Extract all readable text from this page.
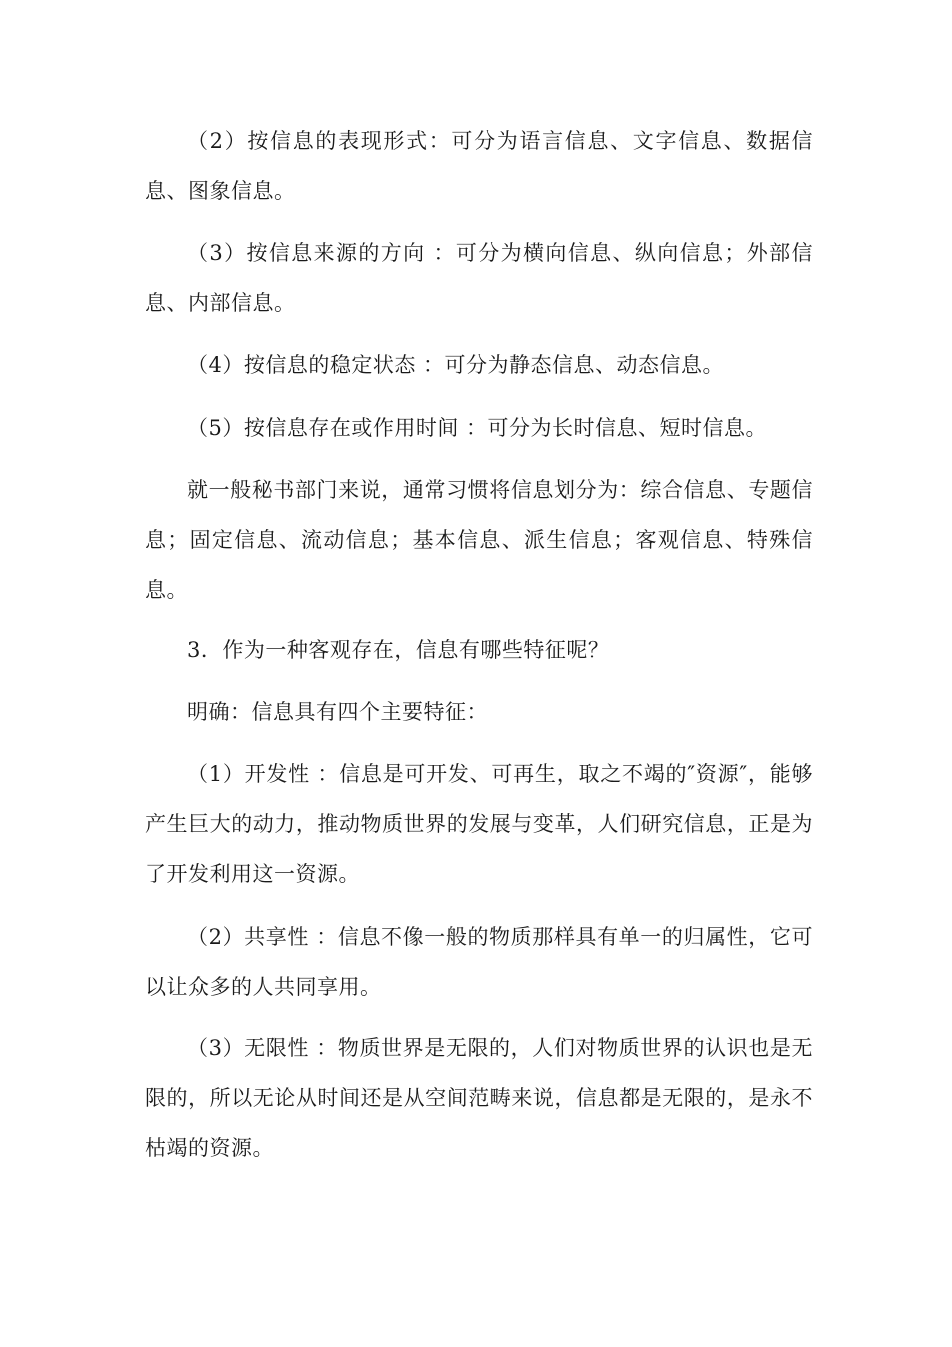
（2）按信息的表现形式：可分为语言信息、文字信息、数据信息、图象信息。

（3）按信息来源的方向 ：可分为横向信息、纵向信息；外部信息、内部信息。

（4）按信息的稳定状态 ：可分为静态信息、动态信息。

（5）按信息存在或作用时间 ：可分为长时信息、短时信息。

就一般秘书部门来说，通常习惯将信息划分为：综合信息、专题信息；固定信息、流动信息；基本信息、派生信息；客观信息、特殊信息。

3．作为一种客观存在，信息有哪些特征呢？

明确：信息具有四个主要特征：

（1）开发性 ：信息是可开发、可再生，取之不竭的″资源″，能够产生巨大的动力，推动物质世界的发展与变革，人们研究信息，正是为了开发利用这一资源。

（2）共享性 ：信息不像一般的物质那样具有单一的归属性，它可以让众多的人共同享用。

（3）无限性 ：物质世界是无限的，人们对物质世界的认识也是无限的，所以无论从时间还是从空间范畴来说，信息都是无限的，是永不枯竭的资源。
